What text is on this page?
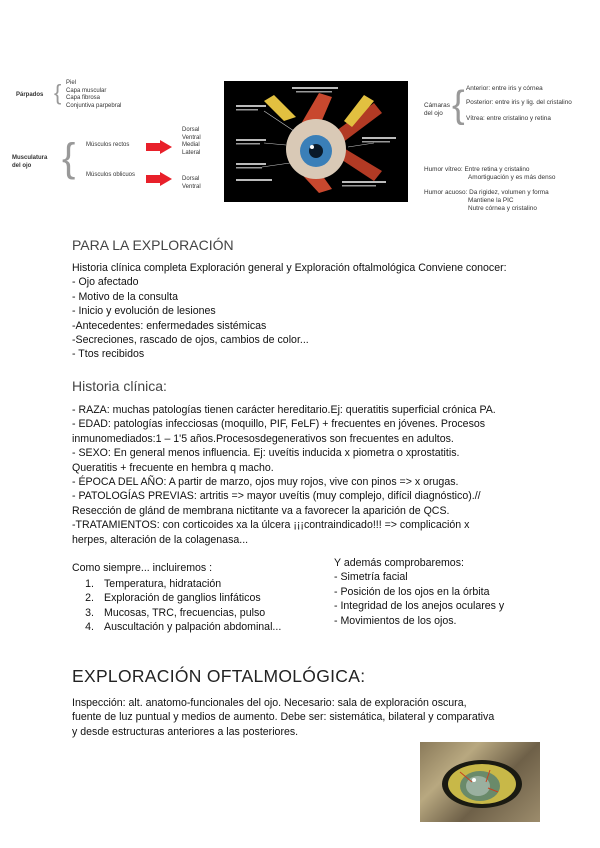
Párpados { Piel
Capa muscular
Capa fibrosa
Conjuntiva parpebral
Musculatura del ojo { Músculos rectos
Músculos oblicuos
Dorsal
Ventral
Medial
Lateral
Dorsal
Ventral
Cámaras del ojo { Anterior: entre iris y córnea
Posterior: entre iris y lig. del cristalino
Vítrea: entre cristalino y retina
Humor vítreo: Entre retina y cristalino
Amortiguación y es más denso
Humor acuoso: Da rigidez, volumen y forma
Mantiene la PIC
Nutre córnea y cristalino
PARA LA EXPLORACIÓN
Historia clínica completa Exploración general y Exploración oftalmológica Conviene conocer:
- Ojo afectado
- Motivo de la consulta
- Inicio y evolución de lesiones
-Antecedentes: enfermedades sistémicas
-Secreciones, rascado de ojos, cambios de color...
- Ttos recibidos
Historia clínica:
- RAZA: muchas patologías tienen carácter hereditario.Ej: queratitis superficial crónica PA.
- EDAD: patologías infecciosas (moquillo, PIF, FeLF) + frecuentes en jóvenes. Procesos
inmunomediados:1 – 1'5 años.Procesosdegenerativos son frecuentes en adultos.
- SEXO: En general menos influencia. Ej: uveítis inducida x piometra o xprostatitis.
Queratitis + frecuente en hembra q macho.
- ÉPOCA DEL AÑO: A partir de marzo, ojos muy rojos, vive con pinos => x orugas.
- PATOLOGÍAS PREVIAS: artritis => mayor uveítis (muy complejo, difícil diagnóstico).//
Resección de glánd de membrana nictitante va a favorecer la aparición de QCS.
-TRATAMIENTOS: con corticoides xa la úlcera ¡¡¡contraindicado!!! => complicación x
herpes, alteración de la colagenasa...
Como siempre... incluiremos :
1. Temperatura, hidratación
2. Exploración de ganglios linfáticos
3. Mucosas, TRC, frecuencias, pulso
4. Auscultación y palpación abdominal...
Y además comprobaremos:
- Simetría facial
- Posición de los ojos en la órbita
- Integridad de los anejos oculares y
- Movimientos de los ojos.
EXPLORACIÓN OFTALMOLÓGICA:
Inspección: alt. anatomo-funcionales del ojo. Necesario: sala de exploración oscura,
fuente de luz puntual y medios de aumento. Debe ser: sistemática, bilateral y comparativa
y desde estructuras anteriores a las posteriores.
